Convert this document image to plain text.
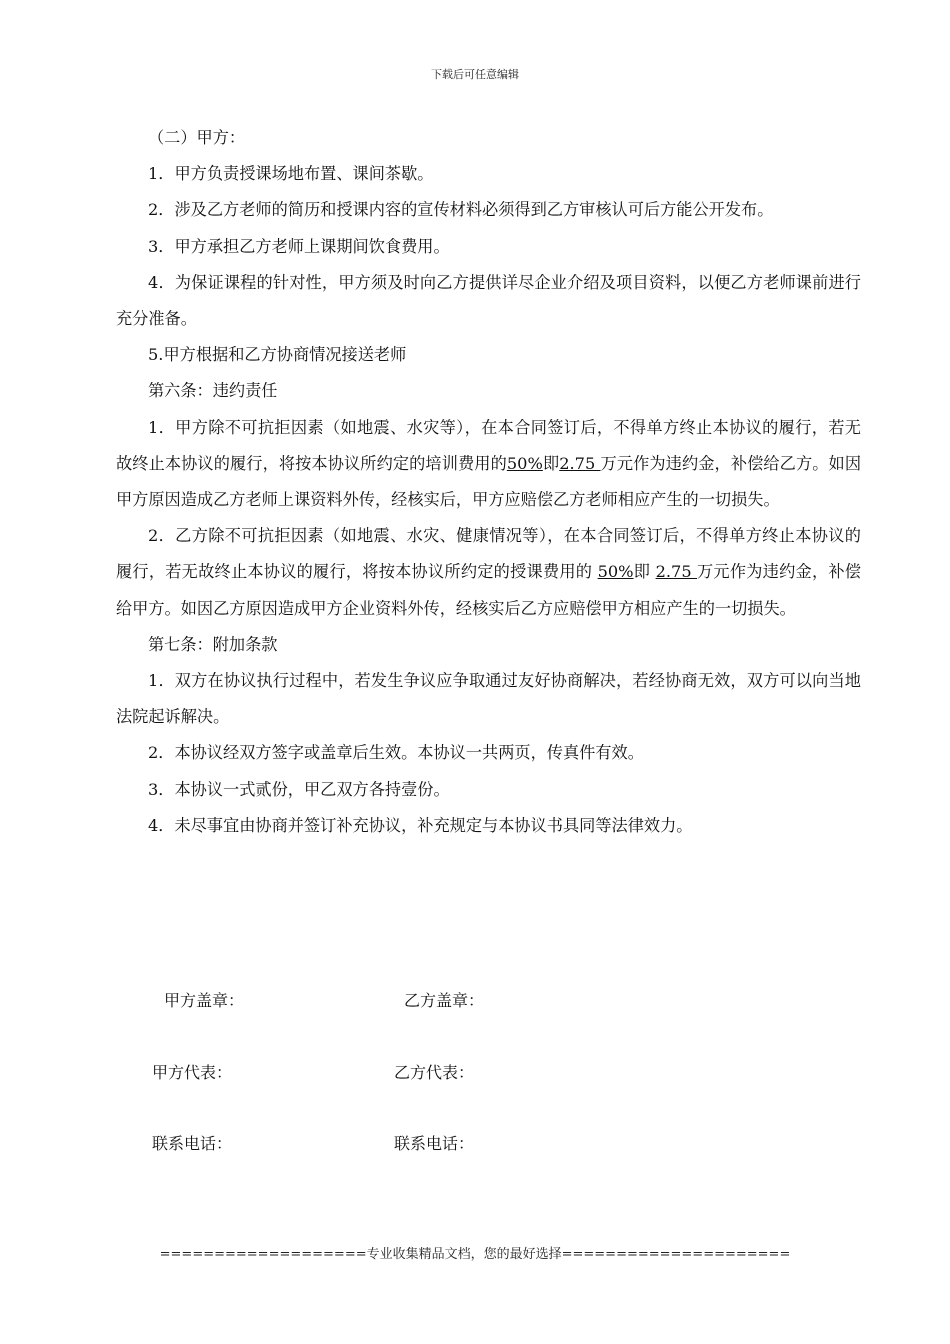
下载后可任意编辑

（二）甲方：

1．甲方负责授课场地布置、课间茶歇。

2．涉及乙方老师的简历和授课内容的宣传材料必须得到乙方审核认可后方能公开发布。

3．甲方承担乙方老师上课期间饮食费用。

4．为保证课程的针对性，甲方须及时向乙方提供详尽企业介绍及项目资料，以便乙方老师课前进行充分准备。

5.甲方根据和乙方协商情况接送老师

第六条：违约责任

1．甲方除不可抗拒因素（如地震、水灾等），在本合同签订后，不得单方终止本协议的履行，若无故终止本协议的履行，将按本协议所约定的培训费用的50%即2.75 万元作为违约金，补偿给乙方。如因甲方原因造成乙方老师上课资料外传，经核实后，甲方应赔偿乙方老师相应产生的一切损失。

2．乙方除不可抗拒因素（如地震、水灾、健康情况等），在本合同签订后，不得单方终止本协议的履行，若无故终止本协议的履行，将按本协议所约定的授课费用的 50%即 2.75 万元作为违约金，补偿给甲方。如因乙方原因造成甲方企业资料外传，经核实后乙方应赔偿甲方相应产生的一切损失。

第七条：附加条款

1．双方在协议执行过程中，若发生争议应争取通过友好协商解决，若经协商无效，双方可以向当地法院起诉解决。

2．本协议经双方签字或盖章后生效。本协议一共两页，传真件有效。

3．本协议一式贰份，甲乙双方各持壹份。

4．未尽事宜由协商并签订补充协议，补充规定与本协议书具同等法律效力。

甲方盖章：	乙方盖章：
甲方代表：	乙方代表：
联系电话：	联系电话：
===================专业收集精品文档，您的最好选择=====================
